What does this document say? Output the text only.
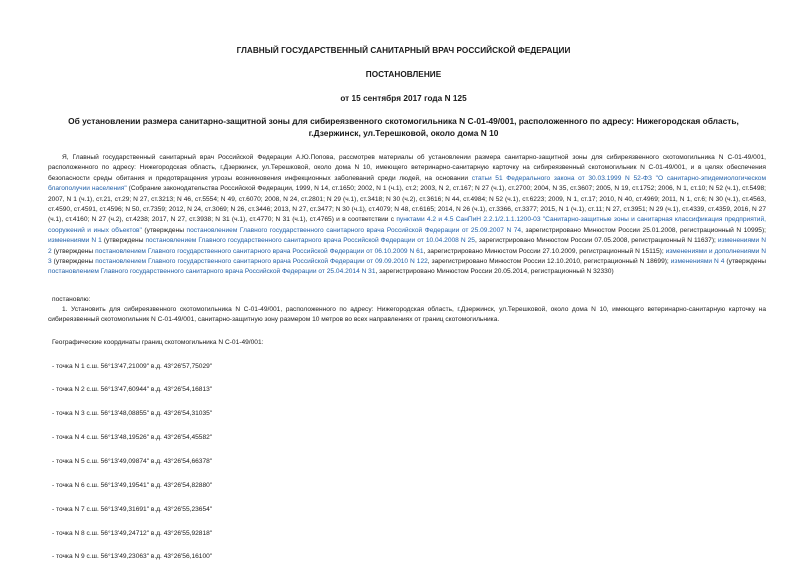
ГЛАВНЫЙ ГОСУДАРСТВЕННЫЙ САНИТАРНЫЙ ВРАЧ РОССИЙСКОЙ ФЕДЕРАЦИИ
ПОСТАНОВЛЕНИЕ
от 15 сентября 2017 года N 125
Об установлении размера санитарно-защитной зоны для сибиреязвенного скотомогильника N С-01-49/001, расположенного по адресу: Нижегородская область,
г.Дзержинск, ул.Терешковой, около дома N 10
Я, Главный государственный санитарный врач Российской Федерации А.Ю.Попова, рассмотрев материалы об установлении размера санитарно-защитной зоны для сибиреязвенного скотомогильника N С-01-49/001, расположенного по адресу: Нижегородская область, г.Дзержинск, ул.Терешковой, около дома N 10, имеющего ветеринарно-санитарную карточку на сибиреязвенный скотомогильник N С-01-49/001, и в целях обеспечения безопасности среды обитания и предотвращения угрозы возникновения инфекционных заболеваний среди людей, на основании статьи 51 Федерального закона от 30.03.1999 N 52-ФЗ "О санитарно-эпидемиологическом благополучии населения" (Собрание законодательства Российской Федерации, 1999, N 14, ст.1650; 2002, N 1 (ч.1), ст.2; 2003, N 2, ст.167; N 27 (ч.1), ст.2700; 2004, N 35, ст.3607; 2005, N 19, ст.1752; 2006, N 1, ст.10; N 52 (ч.1), ст.5498; 2007, N 1 (ч.1), ст.21, ст.29; N 27, ст.3213; N 46, ст.5554; N 49, ст.6070; 2008, N 24, ст.2801; N 29 (ч.1), ст.3418; N 30 (ч.2), ст.3616; N 44, ст.4984; N 52 (ч.1), ст.6223; 2009, N 1, ст.17; 2010, N 40, ст.4969; 2011, N 1, ст.6; N 30 (ч.1), ст.4563, ст.4590, ст.4591, ст.4596; N 50, ст.7359; 2012, N 24, ст.3069; N 26, ст.3446; 2013, N 27, ст.3477; N 30 (ч.1), ст.4079; N 48, ст.6165; 2014, N 26 (ч.1), ст.3366, ст.3377; 2015, N 1 (ч.1), ст.11; N 27, ст.3951; N 29 (ч.1), ст.4339, ст.4359, 2016, N 27 (ч.1), ст.4160; N 27 (ч.2), ст.4238; 2017, N 27, ст.3938; N 31 (ч.1), ст.4770; N 31 (ч.1), ст.4765) и в соответствии с пунктами 4.2 и 4.5 СанПиН 2.2.1/2.1.1.1200-03 "Санитарно-защитные зоны и санитарная классификация предприятий, сооружений и иных объектов" (утверждены постановлением Главного государственного санитарного врача Российской Федерации от 25.09.2007 N 74, зарегистрировано Минюстом России 25.01.2008, регистрационный N 10995); изменениями N 1 (утверждены постановлением Главного государственного санитарного врача Российской Федерации от 10.04.2008 N 25, зарегистрировано Минюстом России 07.05.2008, регистрационный N 11637); изменениями N 2 (утверждены постановлением Главного государственного санитарного врача Российской Федерации от 06.10.2009 N 61, зарегистрировано Минюстом России 27.10.2009, регистрационный N 15115); изменениями и дополнениями N 3 (утверждены постановлением Главного государственного санитарного врача Российской Федерации от 09.09.2010 N 122, зарегистрировано Минюстом России 12.10.2010, регистрационный N 18699); изменениями N 4 (утверждены постановлением Главного государственного санитарного врача Российской Федерации от 25.04.2014 N 31, зарегистрировано Минюстом России 20.05.2014, регистрационный N 32330)
постановлю:
1. Установить для сибиреязвенного скотомогильника N С-01-49/001, расположенного по адресу: Нижегородская область, г.Дзержинск, ул.Терешковой, около дома N 10, имеющего ветеринарно-санитарную карточку на сибиреязвенный скотомогильник N С-01-49/001, санитарно-защитную зону размером 10 метров во всех направлениях от границ скотомогильника.
Географические координаты границ скотомогильника N С-01-49/001:
- точка N 1 с.ш. 56°13'47,21009" в.д. 43°26'57,75029"
- точка N 2 с.ш. 56°13'47,60944" в.д. 43°26'54,16813"
- точка N 3 с.ш. 56°13'48,08855" в.д. 43°26'54,31035"
- точка N 4 с.ш. 56°13'48,19526" в.д. 43°26'54,45582"
- точка N 5 с.ш. 56°13'49,09874" в.д. 43°26'54,66378"
- точка N 6 с.ш. 56°13'49,19541" в.д. 43°26'54,82880"
- точка N 7 с.ш. 56°13'49,31691" в.д. 43°26'55,23654"
- точка N 8 с.ш. 56°13'49,24712" в.д. 43°26'55,92818"
- точка N 9 с.ш. 56°13'49,23063" в.д. 43°26'56,16100"
